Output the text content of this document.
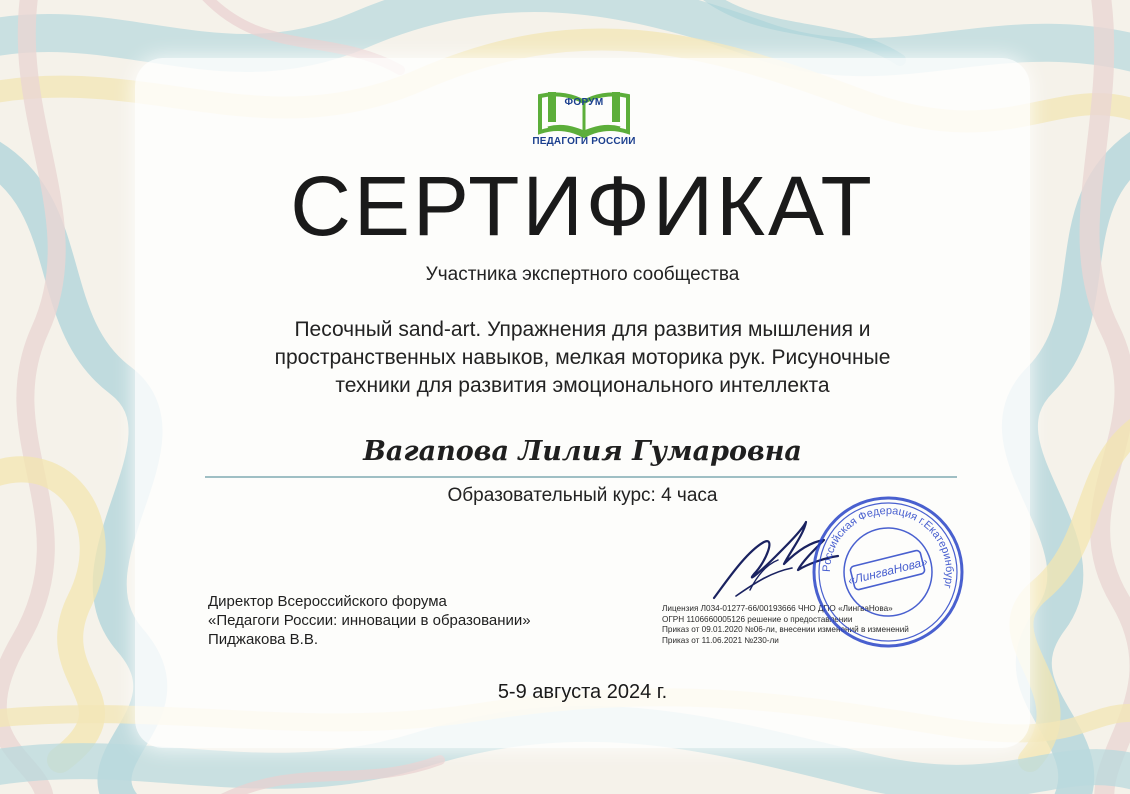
ФОРУМ
ПЕДАГОГИ РОССИИ
СЕРТИФИКАТ
Участника экспертного сообщества
Песочный sand-art. Упражнения для развития мышления и
пространственных навыков, мелкая моторика рук. Рисуночные
техники для развития эмоционального интеллекта
Вагапова Лилия Гумаровна
Образовательный курс: 4 часа
Директор Всероссийского форума
«Педагоги России: инновации в образовании»
Пиджакова В.В.
Лицензия Л034-01277-66/00193666 ЧНО ДПО «ЛингваНова»
ОГРН 1106660005126 решение о предоставлении
Приказ от 09.01.2020 №06-ли, внесении изменений в изменений
Приказ от 11.06.2021 №230-ли
Российская Федерация г.Екатеринбург
«ЛингваНова»
5-9 августа 2024 г.
